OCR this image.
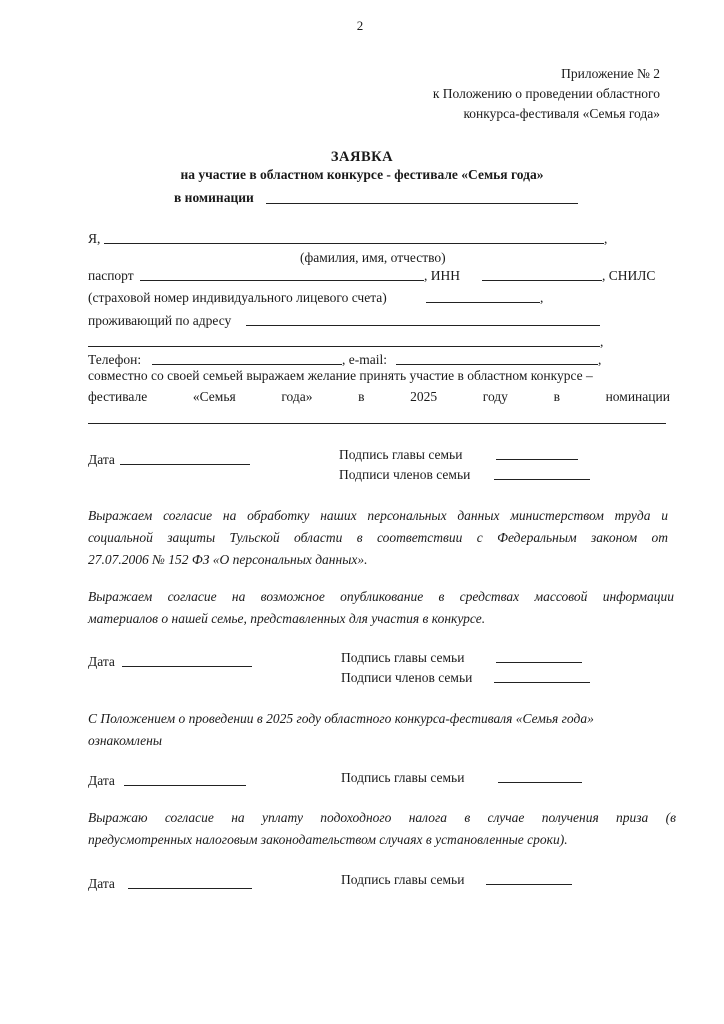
2
Приложение № 2
к Положению о проведении областного
конкурса-фестиваля «Семья года»
ЗАЯВКА
на участие в областном конкурсе - фестивале «Семья года»
в номинации
Я,	,
(фамилия, имя, отчество)
паспорт	, ИНН	, СНИЛС
(страховой номер индивидуального лицевого счета)	,
проживающий по адресу
,
Телефон:	, e-mail:	,
совместно со своей семьей выражаем желание принять участие в областном конкурсе –
фестивале	«Семья	года»	в	2025	году	в	номинации
Дата	Подпись главы семьи
Подписи членов семьи
Выражаем согласие на обработку наших персональных данных министерством труда и
социальной защиты Тульской области в соответствии с Федеральным законом от
27.07.2006 № 152 ФЗ «О персональных данных».
Выражаем согласие на возможное опубликование в средствах массовой информации
материалов о нашей семье, представленных для участия в конкурсе.
Дата	Подпись главы семьи
Подписи членов семьи
С Положением о проведении в 2025 году областного конкурса-фестиваля «Семья года»
ознакомлены
Дата	Подпись главы семьи
Выражаю согласие на уплату подоходного налога в случае получения приза (в
предусмотренных налоговым законодательством случаях в установленные сроки).
Дата	Подпись главы семьи
